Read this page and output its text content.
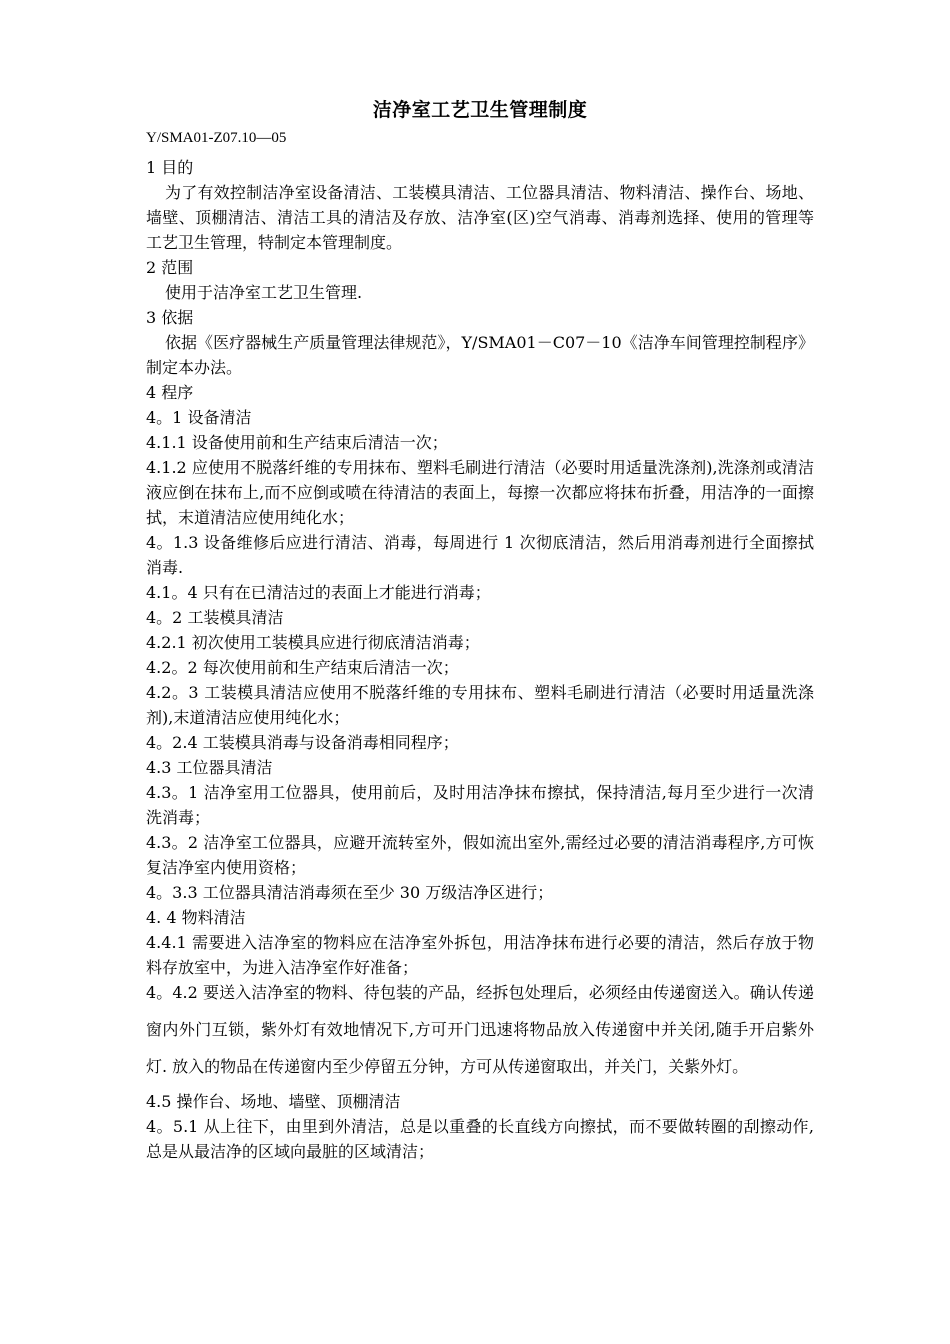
洁净室工艺卫生管理制度
Y/SMA01-Z07.10—05

1 目的

为了有效控制洁净室设备清洁、工装模具清洁、工位器具清洁、物料清洁、操作台、场地、墙壁、顶棚清洁、清洁工具的清洁及存放、洁净室(区)空气消毒、消毒剂选择、使用的管理等工艺卫生管理，特制定本管理制度。

2 范围

使用于洁净室工艺卫生管理.

3 依据

依据《医疗器械生产质量管理法律规范》，Y/SMA01－C07－10《洁净车间管理控制程序》制定本办法。

4 程序

4。1 设备清洁

4.1.1 设备使用前和生产结束后清洁一次；

4.1.2 应使用不脱落纤维的专用抹布、塑料毛刷进行清洁（必要时用适量洗涤剂),洗涤剂或清洁液应倒在抹布上,而不应倒或喷在待清洁的表面上，每擦一次都应将抹布折叠，用洁净的一面擦拭，末道清洁应使用纯化水；

4。1.3 设备维修后应进行清洁、消毒，每周进行 1 次彻底清洁，然后用消毒剂进行全面擦拭消毒.

4.1。4 只有在已清洁过的表面上才能进行消毒；

4。2 工装模具清洁

4.2.1 初次使用工装模具应进行彻底清洁消毒；

4.2。2 每次使用前和生产结束后清洁一次；

4.2。3 工装模具清洁应使用不脱落纤维的专用抹布、塑料毛刷进行清洁（必要时用适量洗涤剂),末道清洁应使用纯化水；

4。2.4 工装模具消毒与设备消毒相同程序；

4.3 工位器具清洁

4.3。1 洁净室用工位器具，使用前后，及时用洁净抹布擦拭，保持清洁,每月至少进行一次清洗消毒；

4.3。2 洁净室工位器具，应避开流转室外，假如流出室外,需经过必要的清洁消毒程序,方可恢复洁净室内使用资格；

4。3.3 工位器具清洁消毒须在至少 30 万级洁净区进行；

4. 4 物料清洁

4.4.1 需要进入洁净室的物料应在洁净室外拆包，用洁净抹布进行必要的清洁，然后存放于物料存放室中，为进入洁净室作好准备；

4。4.2 要送入洁净室的物料、待包装的产品，经拆包处理后，必须经由传递窗送入。确认传递窗内外门互锁，紫外灯有效地情况下,方可开门迅速将物品放入传递窗中并关闭,随手开启紫外灯. 放入的物品在传递窗内至少停留五分钟，方可从传递窗取出，并关门，关紫外灯。

4.5 操作台、场地、墙壁、顶棚清洁

4。5.1 从上往下，由里到外清洁，总是以重叠的长直线方向擦拭，而不要做转圈的刮擦动作,总是从最洁净的区域向最脏的区域清洁；
